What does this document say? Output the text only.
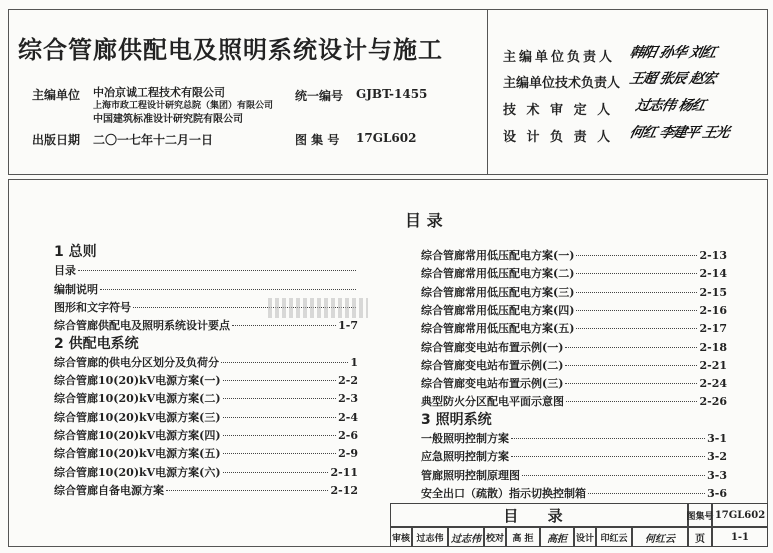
综合管廊供配电及照明系统设计与施工
主编单位 中冶京诚工程技术有限公司
上海市政工程设计研究总院（集团）有限公司
中国建筑标准设计研究院有限公司
统一编号 GJBT-1455
出版日期 二〇一七年十二月一日	图 集 号 17GL602
主编单位负责人 韩阳 孙华 刘红
主编单位技术负责人 王超 张辰 赵宏
技 术 审 定 人 过志伟 杨红
设 计 负 责 人 何红 李建平 王光
目 录
1 总则
目录
编制说明
图形和文字符号
综合管廊供配电及照明系统设计要点	1-7
2 供配电系统
综合管廊的供电分区划分及负荷分	1
综合管廊10(20)kV电源方案(一)	2-2
综合管廊10(20)kV电源方案(二)	2-3
综合管廊10(20)kV电源方案(三)	2-4
综合管廊10(20)kV电源方案(四)	2-6
综合管廊10(20)kV电源方案(五)	2-9
综合管廊10(20)kV电源方案(六)	2-11
综合管廊自备电源方案	2-12
综合管廊常用低压配电方案(一)	2-13
综合管廊常用低压配电方案(二)	2-14
综合管廊常用低压配电方案(三)	2-15
综合管廊常用低压配电方案(四)	2-16
综合管廊常用低压配电方案(五)	2-17
综合管廊变电站布置示例(一)	2-18
综合管廊变电站布置示例(二)	2-21
综合管廊变电站布置示例(三)	2-24
典型防火分区配电平面示意图	2-26
3 照明系统
一般照明控制方案	3-1
应急照明控制方案	3-2
管廊照明控制原理图	3-3
安全出口（疏散）指示切换控制箱	3-6
目 录	图集号 17GL602
审核 过志伟 过志伟 校对 高 拒	高拒 设计 印红云	何红云	页	1-1
